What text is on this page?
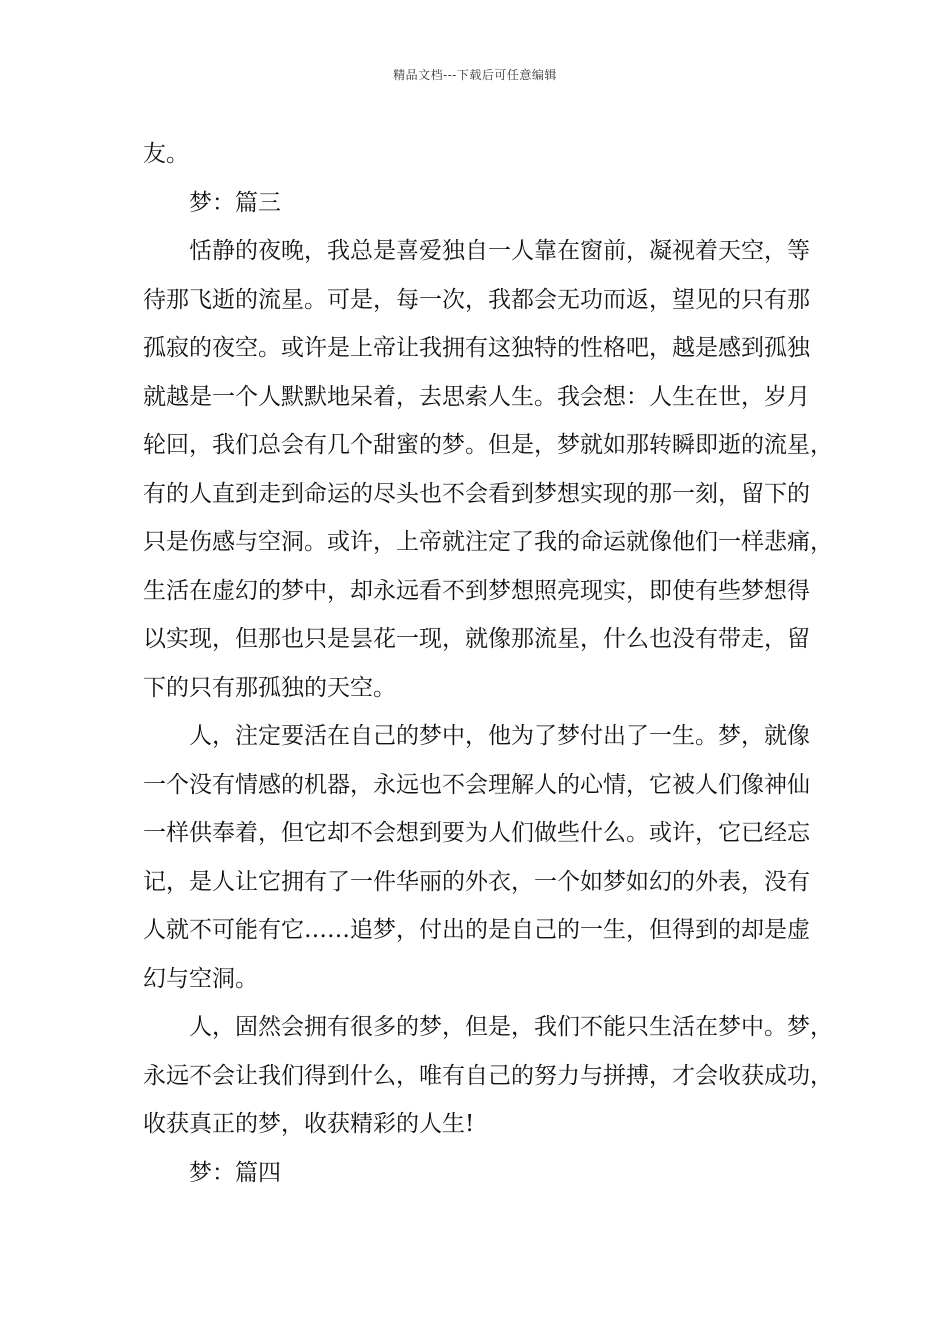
精品文档---下载后可任意编辑
友。
梦：篇三
恬静的夜晚，我总是喜爱独自一人靠在窗前，凝视着天空，等
待那飞逝的流星。可是，每一次，我都会无功而返，望见的只有那
孤寂的夜空。或许是上帝让我拥有这独特的性格吧，越是感到孤独
就越是一个人默默地呆着，去思索人生。我会想：人生在世，岁月
轮回，我们总会有几个甜蜜的梦。但是，梦就如那转瞬即逝的流星，
有的人直到走到命运的尽头也不会看到梦想实现的那一刻，留下的
只是伤感与空洞。或许，上帝就注定了我的命运就像他们一样悲痛，
生活在虚幻的梦中，却永远看不到梦想照亮现实，即使有些梦想得
以实现，但那也只是昙花一现，就像那流星，什么也没有带走，留
下的只有那孤独的天空。
人，注定要活在自己的梦中，他为了梦付出了一生。梦，就像
一个没有情感的机器，永远也不会理解人的心情，它被人们像神仙
一样供奉着，但它却不会想到要为人们做些什么。或许，它已经忘
记，是人让它拥有了一件华丽的外衣，一个如梦如幻的外表，没有
人就不可能有它……追梦，付出的是自己的一生，但得到的却是虚
幻与空洞。
人，固然会拥有很多的梦，但是，我们不能只生活在梦中。梦，
永远不会让我们得到什么，唯有自己的努力与拼搏，才会收获成功，
收获真正的梦，收获精彩的人生!
梦：篇四
